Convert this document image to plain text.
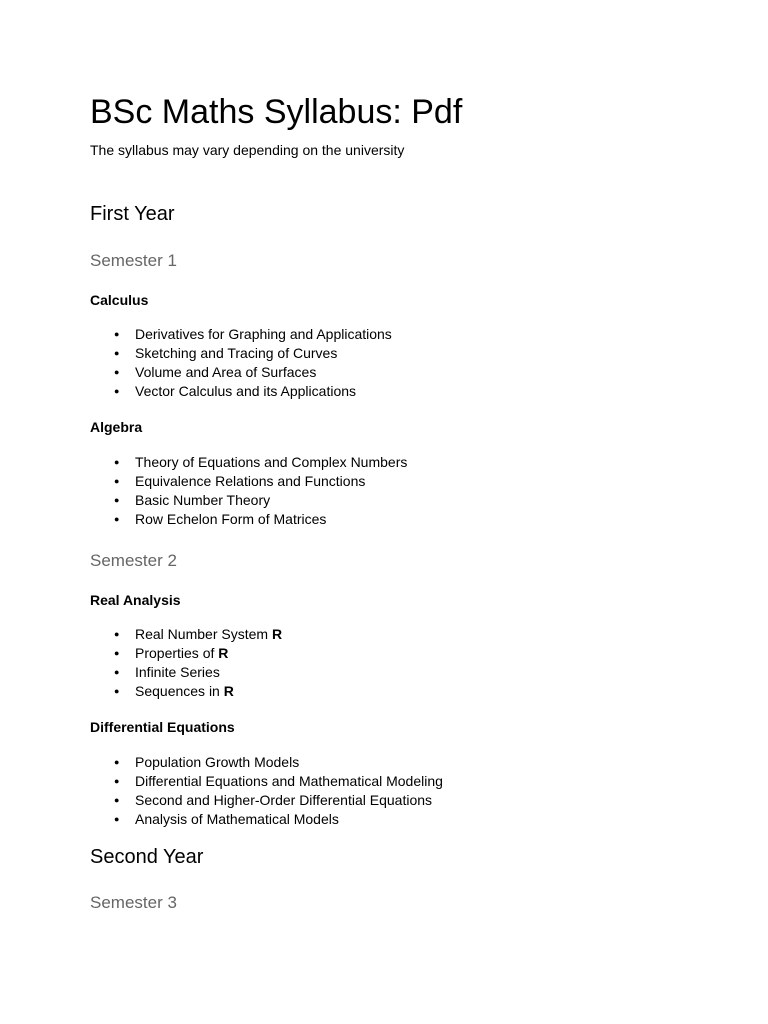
BSc Maths Syllabus: Pdf

The syllabus may vary depending on the university

First Year
Semester 1
Calculus
● Derivatives for Graphing and Applications
● Sketching and Tracing of Curves
● Volume and Area of Surfaces
● Vector Calculus and its Applications
Algebra
● Theory of Equations and Complex Numbers
● Equivalence Relations and Functions
● Basic Number Theory
● Row Echelon Form of Matrices
Semester 2
Real Analysis
● Real Number System R
● Properties of R
● Infinite Series
● Sequences in R
Differential Equations
● Population Growth Models
● Differential Equations and Mathematical Modeling
● Second and Higher-Order Differential Equations
● Analysis of Mathematical Models
Second Year
Semester 3
